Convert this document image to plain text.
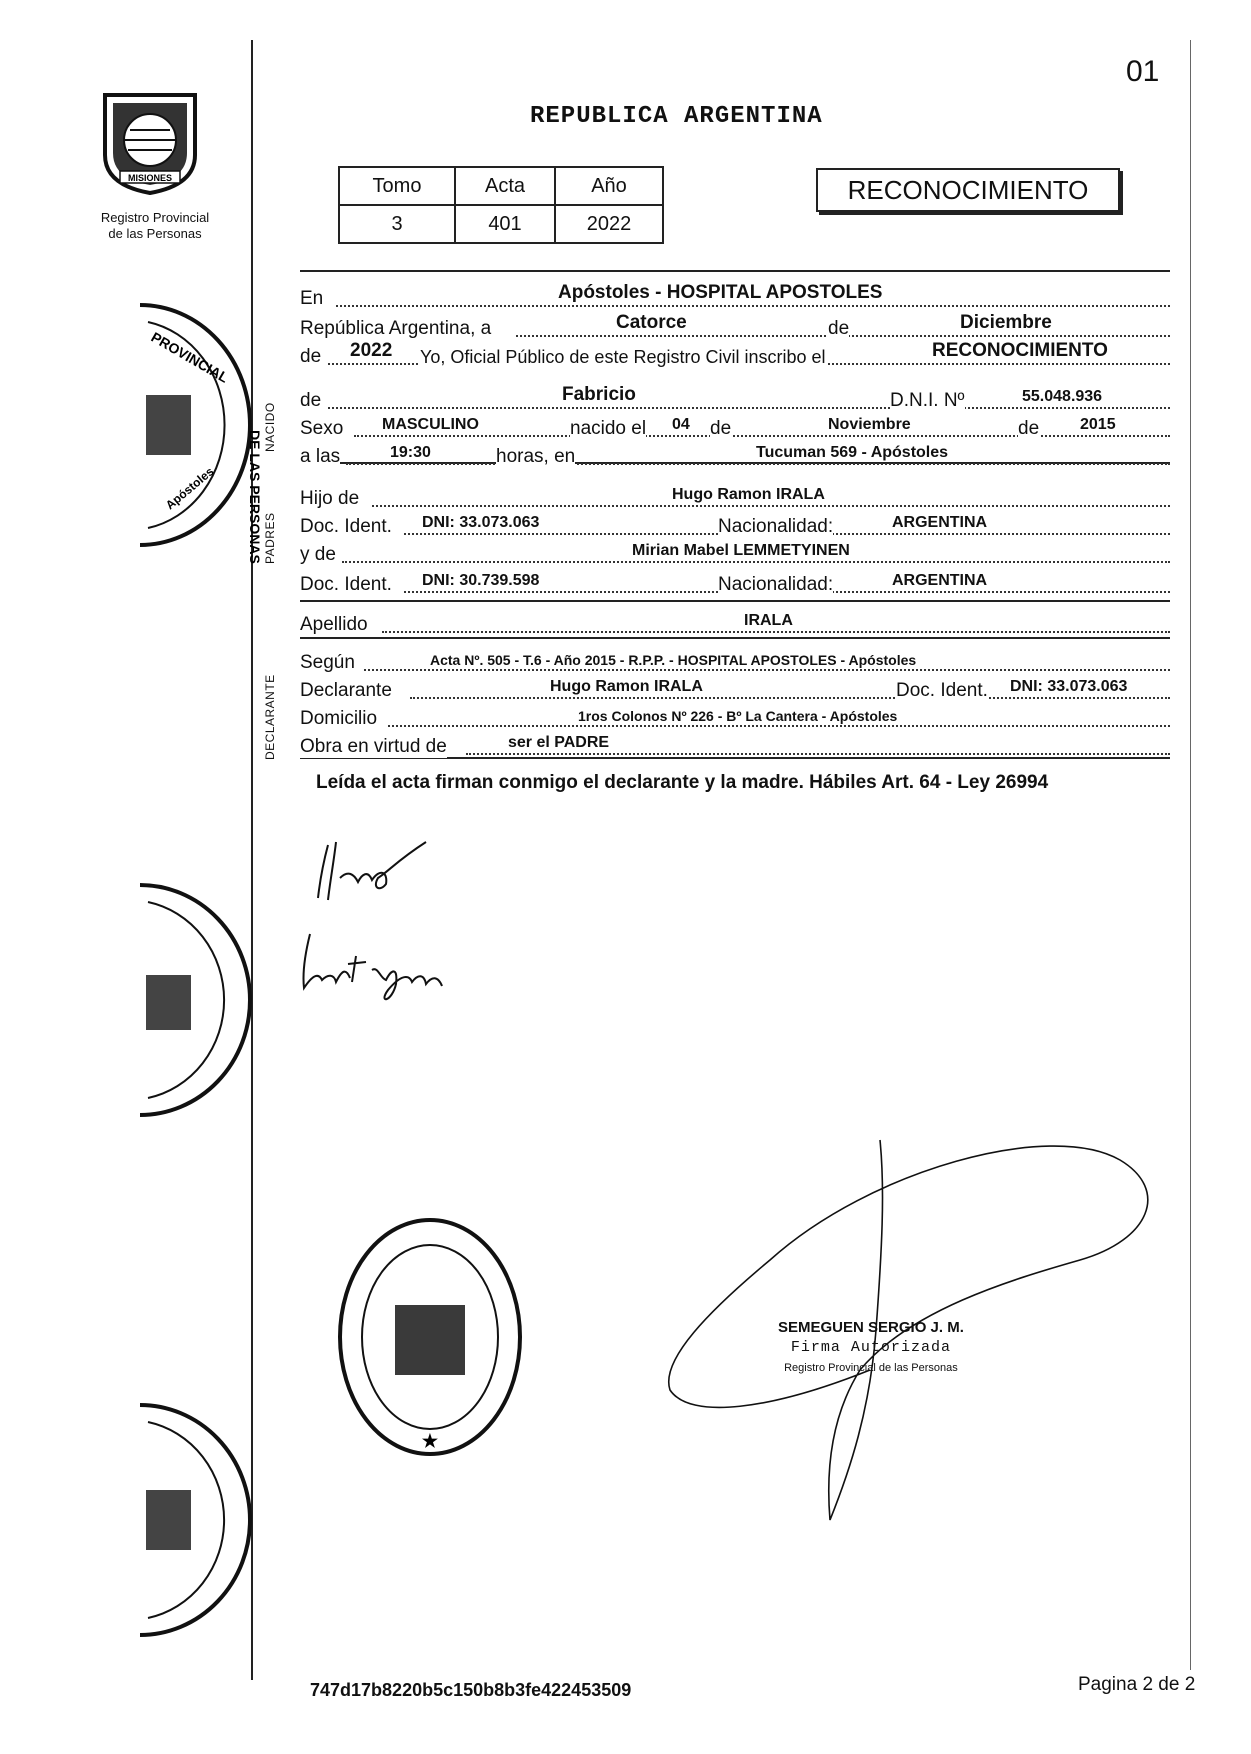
01
MISIONES
Registro Provincial
de las Personas
REPUBLICA ARGENTINA
Tomo	Acta	Año
3	401	2022
RECONOCIMIENTO
NACIDO
PADRES
DECLARANTE
En	Apóstoles - HOSPITAL APOSTOLES
República Argentina, a	Catorce	de	Diciembre
de 2022 Yo, Oficial Público de este Registro Civil inscribo el	RECONOCIMIENTO
de	Fabricio	D.N.I. Nº	55.048.936
Sexo MASCULINO	nacido el 04 de	Noviembre	de	2015
a las	19:30	horas, en	Tucuman 569 - Apóstoles
Hijo de	Hugo Ramon IRALA
Doc. Ident. DNI: 33.073.063	Nacionalidad:	ARGENTINA
y de	Mirian Mabel LEMMETYINEN
Doc. Ident. DNI: 30.739.598	Nacionalidad:	ARGENTINA
Apellido	IRALA
Según	Acta Nº. 505 - T.6 - Año 2015 - R.P.P. - HOSPITAL APOSTOLES - Apóstoles
Declarante	Hugo Ramon IRALA	Doc. Ident. DNI: 33.073.063
Domicilio	1ros Colonos Nº 226 - Bº La Cantera - Apóstoles
Obra en virtud de	ser el PADRE
Leída el acta firman conmigo el declarante y la madre. Hábiles Art. 64 - Ley 26994
PROVINCIAL
DE LAS PERSONAS
Apóstoles
★
SEMEGUEN SERGIO J. M.
Firma Autorizada
Registro Provincial de las Personas
747d17b8220b5c150b8b3fe422453509	Pagina 2 de 2
